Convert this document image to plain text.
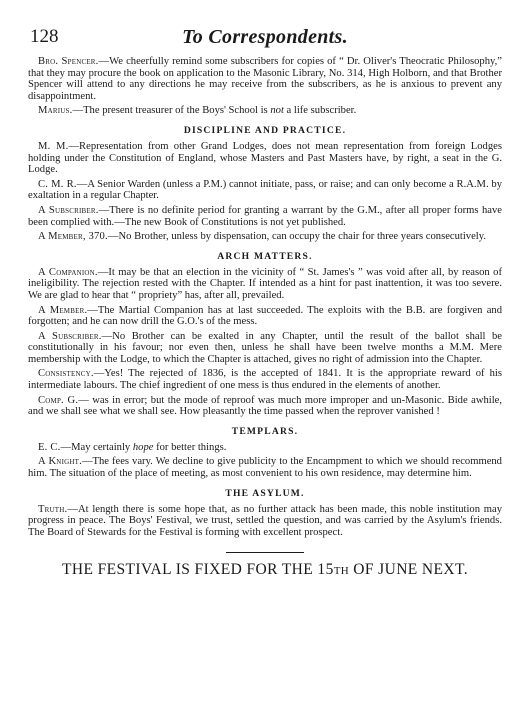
128	To Correspondents.

Bro. Spencer.—We cheerfully remind some subscribers for copies of “ Dr. Oliver's Theocratic Philosophy,” that they may procure the book on application to the Masonic Library, No. 314, High Holborn, and that Brother Spencer will attend to any directions he may receive from the subscribers, as he is anxious to prevent any disappointment.

Marius.—The present treasurer of the Boys' School is not a life subscriber.

DISCIPLINE AND PRACTICE.

M. M.—Representation from other Grand Lodges, does not mean representation from foreign Lodges holding under the Constitution of England, whose Masters and Past Masters have, by right, a seat in the G. Lodge.

C. M. R.—A Senior Warden (unless a P.M.) cannot initiate, pass, or raise; and can only become a R.A.M. by exaltation in a regular Chapter.

A Subscriber.—There is no definite period for granting a warrant by the G.M., after all proper forms have been complied with.—The new Book of Constitutions is not yet published.

A Member, 370.—No Brother, unless by dispensation, can occupy the chair for three years consecutively.

ARCH MATTERS.

A Companion.—It may be that an election in the vicinity of “ St. James's ” was void after all, by reason of ineligibility. The rejection rested with the Chapter. If intended as a hint for past inattention, it was too severe. We are glad to hear that “ propriety” has, after all, prevailed.

A Member.—The Martial Companion has at last succeeded. The exploits with the B.B. are forgiven and forgotten; and he can now drill the G.O.'s of the mess.

A Subscriber.—No Brother can be exalted in any Chapter, until the result of the ballot shall be constitutionally in his favour; nor even then, unless he shall have been twelve months a M.M. Mere membership with the Lodge, to which the Chapter is attached, gives no right of admission into the Chapter.

Consistency.—Yes! The rejected of 1836, is the accepted of 1841. It is the appropriate reward of his intermediate labours. The chief ingredient of one mess is thus endured in the elements of another.

Comp. G.— was in error; but the mode of reproof was much more improper and un-Masonic. Bide awhile, and we shall see what we shall see. How pleasantly the time passed when the reprover vanished !

TEMPLARS.

E. C.—May certainly hope for better things.

A Knight.—The fees vary. We decline to give publicity to the Encampment to which we should recommend him. The situation of the place of meeting, as most convenient to his own residence, may determine him.

THE ASYLUM.

Truth.—At length there is some hope that, as no further attack has been made, this noble institution may progress in peace. The Boys' Festival, we trust, settled the question, and was carried by the Asylum's friends. The Board of Stewards for the Festival is forming with excellent prospect.

THE FESTIVAL IS FIXED FOR THE 15TH OF JUNE NEXT.
